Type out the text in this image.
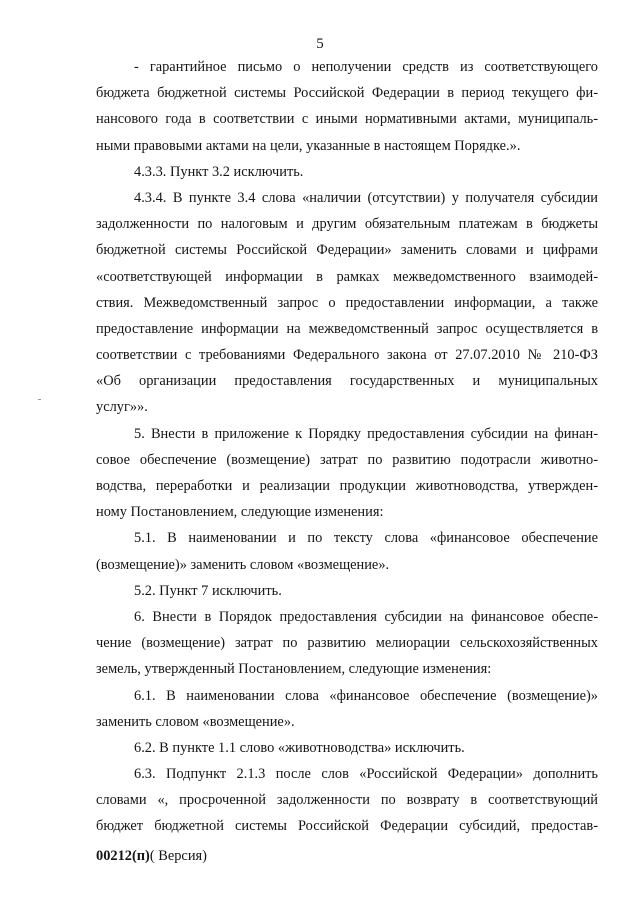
5
- гарантийное письмо о неполучении средств из соответствующего
бюджета бюджетной системы Российской Федерации в период текущего фи-
нансового года в соответствии с иными нормативными актами, муниципаль-
ными правовыми актами на цели, указанные в настоящем Порядке.».
4.3.3. Пункт 3.2 исключить.
4.3.4. В пункте 3.4 слова «наличии (отсутствии) у получателя субсидии
задолженности по налоговым и другим обязательным платежам в бюджеты
бюджетной системы Российской Федерации» заменить словами и цифрами
«соответствующей информации в рамках межведомственного взаимодей-
ствия. Межведомственный запрос о предоставлении информации, а также
предоставление информации на межведомственный запрос осуществляется в
соответствии с требованиями Федерального закона от 27.07.2010 № 210-ФЗ
«Об организации предоставления государственных и муниципальных
услуг»».
5. Внести в приложение к Порядку предоставления субсидии на финан-
совое обеспечение (возмещение) затрат по развитию подотрасли животно-
водства, переработки и реализации продукции животноводства, утвержден-
ному Постановлением, следующие изменения:
5.1. В наименовании и по тексту слова «финансовое обеспечение
(возмещение)» заменить словом «возмещение».
5.2. Пункт 7 исключить.
6. Внести в Порядок предоставления субсидии на финансовое обеспе-
чение (возмещение) затрат по развитию мелиорации сельскохозяйственных
земель, утвержденный Постановлением, следующие изменения:
6.1. В наименовании слова «финансовое обеспечение (возмещение)»
заменить словом «возмещение».
6.2. В пункте 1.1 слово «животноводства» исключить.
6.3. Подпункт 2.1.3 после слов «Российской Федерации» дополнить
словами «, просроченной задолженности по возврату в соответствующий
бюджет бюджетной системы Российской Федерации субсидий, предостав-
00212(п)( Версия)
